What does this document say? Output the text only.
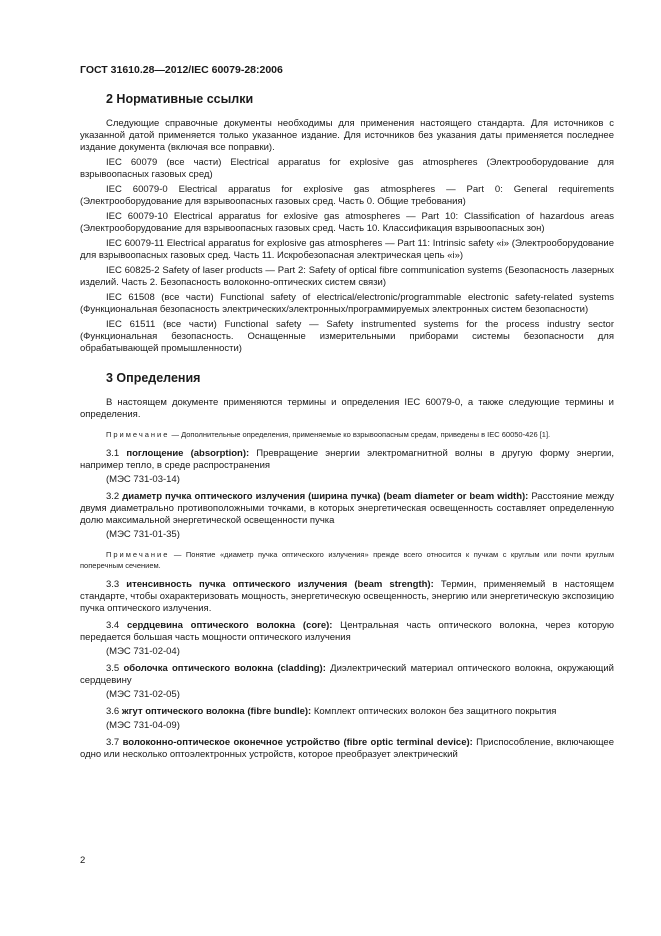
ГОСТ 31610.28—2012/IEC 60079-28:2006
2 Нормативные ссылки

Следующие справочные документы необходимы для применения настоящего стандарта. Для источников с указанной датой применяется только указанное издание. Для источников без указания даты применяется последнее издание документа (включая все поправки).

IEC 60079 (все части) Electrical apparatus for explosive gas atmospheres (Электрооборудование для взрывоопасных газовых сред)

IEC 60079-0 Electrical apparatus for explosive gas atmospheres — Part 0: General requirements (Электрооборудование для взрывоопасных газовых сред. Часть 0. Общие требования)

IEC 60079-10 Electrical apparatus for exlosive gas atmospheres — Part 10: Classification of hazardous areas (Электрооборудование для взрывоопасных газовых сред. Часть 10. Классификация взрывоопасных зон)

IEC 60079-11 Electrical apparatus for explosive gas atmospheres — Part 11: Intrinsic safety «i» (Электрооборудование для взрывоопасных газовых сред. Часть 11. Искробезопасная электрическая цепь «i»)

IEC 60825-2 Safety of laser products — Part 2: Safety of optical fibre communication systems (Безопасность лазерных изделий. Часть 2. Безопасность волоконно-оптических систем связи)

IEC 61508 (все части) Functional safety of electrical/electronic/programmable electronic safety-related systems (Функциональная безопасность электрических/электронных/программируемых электронных систем безопасности)

IEC 61511 (все части) Functional safety — Safety instrumented systems for the process industry sector (Функциональная безопасность. Оснащенные измерительными приборами системы безопасности для обрабатывающей промышленности)

3 Определения

В настоящем документе применяются термины и определения IEC 60079-0, а также следующие термины и определения.

Примечание — Дополнительные определения, применяемые ко взрывоопасным средам, приведены в IEC 60050-426 [1].

3.1 поглощение (absorption): Превращение энергии электромагнитной волны в другую форму энергии, например тепло, в среде распространения

(МЭС 731-03-14)

3.2 диаметр пучка оптического излучения (ширина пучка) (beam diameter or beam width): Расстояние между двумя диаметрально противоположными точками, в которых энергетическая освещенность составляет определенную долю максимальной энергетической освещенности пучка

(МЭС 731-01-35)

Примечание — Понятие «диаметр пучка оптического излучения» прежде всего относится к пучкам с круглым или почти круглым поперечным сечением.

3.3 итенсивность пучка оптического излучения (beam strength): Термин, применяемый в настоящем стандарте, чтобы охарактеризовать мощность, энергетическую освещенность, энергию или энергетическую экспозицию пучка оптического излучения.

3.4 сердцевина оптического волокна (core): Центральная часть оптического волокна, через которую передается большая часть мощности оптического излучения

(МЭС 731-02-04)

3.5 оболочка оптического волокна (cladding): Диэлектрический материал оптического волокна, окружающий сердцевину

(МЭС 731-02-05)

3.6 жгут оптического волокна (fibre bundle): Комплект оптических волокон без защитного покрытия

(МЭС 731-04-09)

3.7 волоконно-оптическое оконечное устройство (fibre optic terminal device): Приспособление, включающее одно или несколько оптоэлектронных устройств, которое преобразует электрический

2
